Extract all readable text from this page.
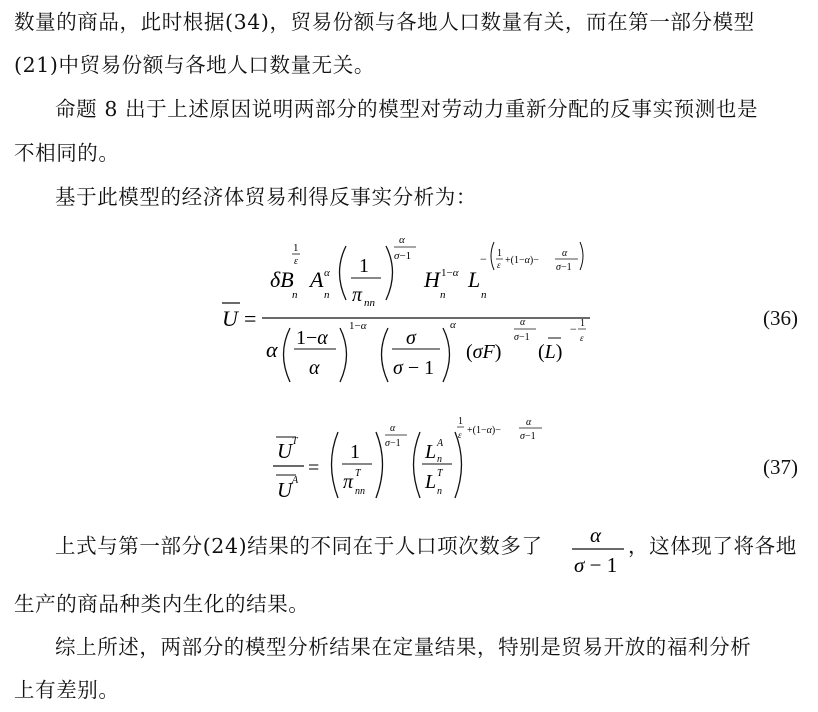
数量的商品，此时根据(34)，贸易份额与各地人口数量有关，而在第一部分模型
(21)中贸易份额与各地人口数量无关。
命题 8 出于上述原因说明两部分的模型对劳动力重新分配的反事实预测也是
不相同的。
基于此模型的经济体贸易利得反事实分析为：
U =
δB
n
1
ε
A
n
α 1
π nn
α
σ−1
H
n
1−α L
n
− 1
ε +(1−α)−
α
σ−1
α 1−α
α
1−α
σ
σ − 1
α
(σF)
α
σ−1
(L)
− 1
ε
(36)
U T
U A
=
1
π T
nn
α
σ−1 L A
n
L T
n
1
ε +(1−α)−
α
σ−1
(37)
上式与第一部分(24)结果的不同在于人口项次数多了 α
σ − 1
，这体现了将各地
生产的商品种类内生化的结果。
综上所述，两部分的模型分析结果在定量结果，特别是贸易开放的福利分析
上有差别。
